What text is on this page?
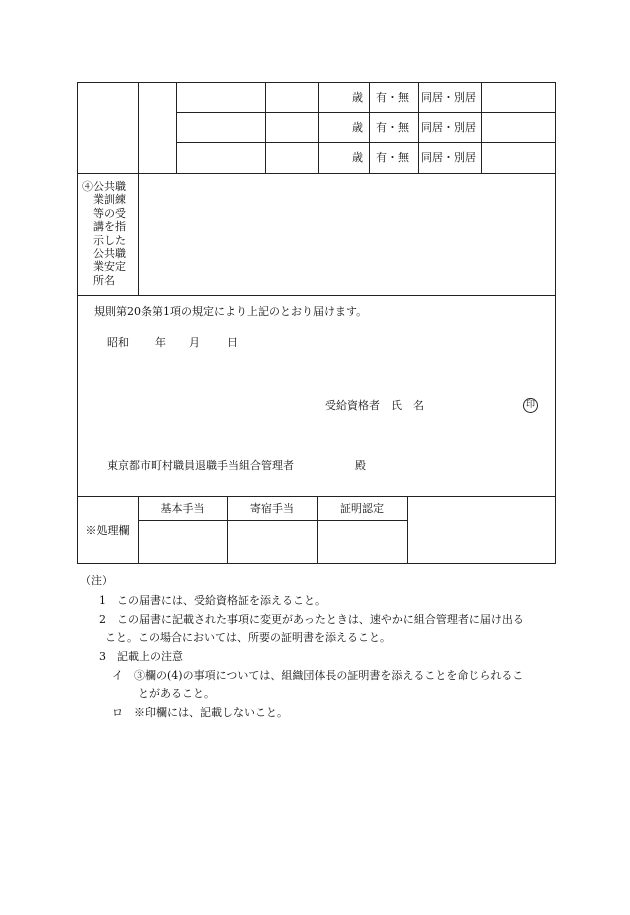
歳 有・無 同居・別居
歳 有・無 同居・別居
歳 有・無 同居・別居
④公共職
　業訓練
　等の受
　講を指
　示した
　公共職
　業安定
　所名
規則第20条第1項の規定により上記のとおり届けます。
昭和 年 月 日
受給資格者　氏　名	印
東京都市町村職員退職手当組合管理者	殿
※処理欄
基本手当	寄宿手当	証明認定
（注）
1　この届書には、受給資格証を添えること。
2　この届書に記載された事項に変更があったときは、速やかに組合管理者に届け出る
こと。この場合においては、所要の証明書を添えること。
3　記載上の注意
イ　③欄の(4)の事項については、組織団体長の証明書を添えることを命じられるこ
とがあること。
ロ　※印欄には、記載しないこと。
